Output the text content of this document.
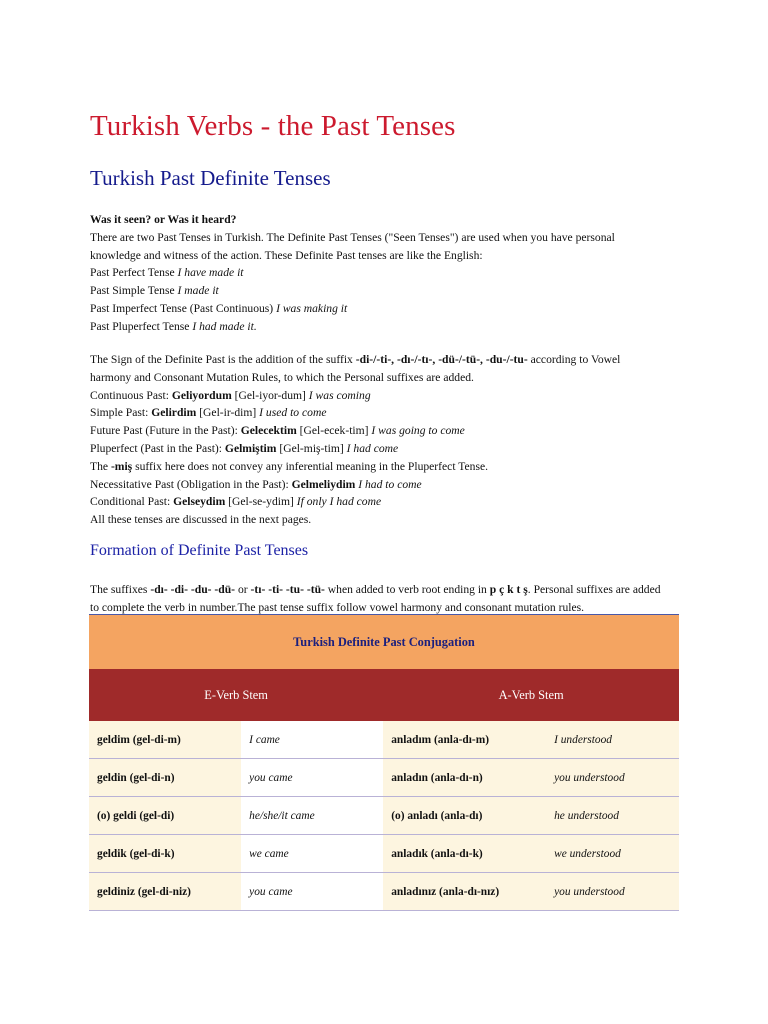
Turkish Verbs - the Past Tenses
Turkish Past Definite Tenses

Was it seen? or Was it heard?

There are two Past Tenses in Turkish. The Definite Past Tenses ("Seen Tenses") are used when you have personal

knowledge and witness of the action. These Definite Past tenses are like the English:

Past Perfect Tense I have made it

Past Simple Tense I made it

Past Imperfect Tense (Past Continuous) I was making it

Past Pluperfect Tense I had made it.

The Sign of the Definite Past is the addition of the suffix -di-/-ti-, -dı-/-tı-, -dü-/-tü-, -du-/-tu- according to Vowel

harmony and Consonant Mutation Rules, to which the Personal suffixes are added.

Continuous Past: Geliyordum [Gel-iyor-dum] I was coming

Simple Past: Gelirdim [Gel-ir-dim] I used to come

Future Past (Future in the Past): Gelecektim [Gel-ecek-tim] I was going to come

Pluperfect (Past in the Past): Gelmiştim [Gel-miş-tim] I had come

The -miş suffix here does not convey any inferential meaning in the Pluperfect Tense.

Necessitative Past (Obligation in the Past): Gelmeliydim I had to come

Conditional Past: Gelseydim [Gel-se-ydim] If only I had come

All these tenses are discussed in the next pages.

Formation of Definite Past Tenses

The suffixes -dı- -di- -du- -dü- or -tı- -ti- -tu- -tü- when added to verb root ending in p ç k t ş. Personal suffixes are added

to complete the verb in number.The past tense suffix follow vowel harmony and consonant mutation rules.

Turkish Definite Past Conjugation			
E-Verb Stem		A-Verb Stem	
geldim (gel-di-m)	I came	anladım (anla-dı-m)	I understood
geldin (gel-di-n)	you came	anladın (anla-dı-n)	you understood
(o) geldi (gel-di)	he/she/it came	(o) anladı (anla-dı)	he understood
geldik (gel-di-k)	we came	anladık (anla-dı-k)	we understood
geldiniz (gel-di-niz)	you came	anladınız (anla-dı-nız)	you understood
